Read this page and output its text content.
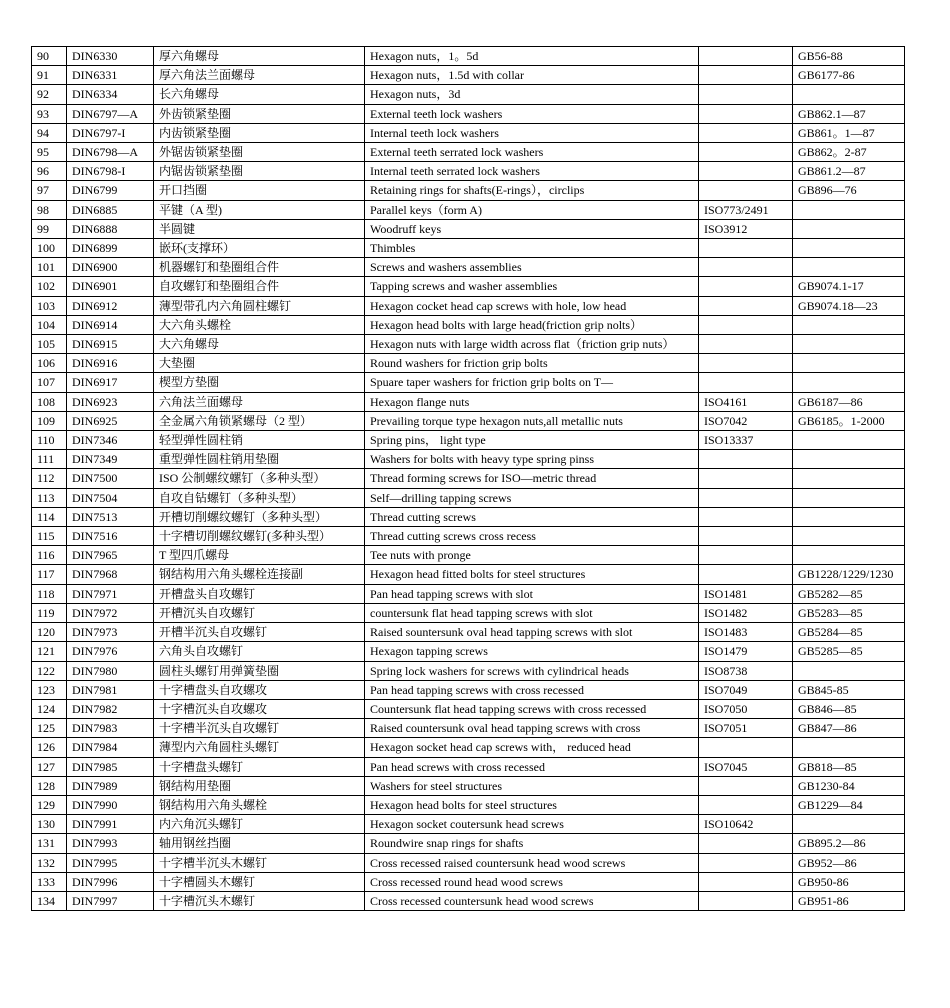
90	DIN6330	厚六角螺母	Hexagon nuts，1。5d		GB56-88
91	DIN6331	厚六角法兰面螺母	Hexagon nuts，1.5d with collar		GB6177-86
92	DIN6334	长六角螺母	Hexagon nuts，3d		
93	DIN6797—A	外齿锁紧垫圈	External teeth lock washers		GB862.1—87
94	DIN6797-I	内齿锁紧垫圈	Internal teeth lock washers		GB861。1—87
95	DIN6798—A	外锯齿锁紧垫圈	External teeth serrated lock washers		GB862。2-87
96	DIN6798-I	内锯齿锁紧垫圈	Internal teeth serrated lock washers		GB861.2—87
97	DIN6799	开口挡圈	Retaining rings for shafts(E-rings），circlips		GB896—76
98	DIN6885	平键（A 型)	Parallel keys（form A)	ISO773/2491	
99	DIN6888	半圆键	Woodruff keys	ISO3912	
100	DIN6899	嵌环(支撑环）	Thimbles		
101	DIN6900	机器螺钉和垫圈组合件	Screws and washers assemblies		
102	DIN6901	自攻螺钉和垫圈组合件	Tapping screws and washer assemblies		GB9074.1-17
103	DIN6912	薄型带孔内六角圆柱螺钉	Hexagon cocket head cap screws with hole, low head		GB9074.18—23
104	DIN6914	大六角头螺栓	Hexagon head bolts with large head(friction grip nolts）		
105	DIN6915	大六角螺母	Hexagon nuts with large width across flat（friction grip nuts）		
106	DIN6916	大垫圈	Round washers for friction grip bolts		
107	DIN6917	楔型方垫圈	Spuare taper washers for friction grip bolts on T—		
108	DIN6923	六角法兰面螺母	Hexagon flange nuts	ISO4161	GB6187—86
109	DIN6925	全金属六角锁紧螺母（2 型）	Prevailing torque type hexagon nuts,all metallic nuts	ISO7042	GB6185。1-2000
110	DIN7346	轻型弹性圆柱销	Spring pins， light type	ISO13337	
111	DIN7349	重型弹性圆柱销用垫圈	Washers for bolts with heavy type spring pinss		
112	DIN7500	ISO 公制螺纹螺钉（多种头型）	Thread forming screws for ISO—metric thread		
113	DIN7504	自攻自钻螺钉（多种头型）	Self—drilling tapping screws		
114	DIN7513	开槽切削螺纹螺钉（多种头型）	Thread cutting screws		
115	DIN7516	十字槽切削螺纹螺钉(多种头型）	Thread cutting screws cross recess		
116	DIN7965	T 型四爪螺母	Tee nuts with pronge		
117	DIN7968	钢结构用六角头螺栓连接副	Hexagon head fitted bolts for steel structures		GB1228/1229/1230
118	DIN7971	开槽盘头自攻螺钉	Pan head tapping screws with slot	ISO1481	GB5282—85
119	DIN7972	开槽沉头自攻螺钉	countersunk flat head tapping screws with slot	ISO1482	GB5283—85
120	DIN7973	开槽半沉头自攻螺钉	Raised sountersunk oval head tapping screws with slot	ISO1483	GB5284—85
121	DIN7976	六角头自攻螺钉	Hexagon tapping screws	ISO1479	GB5285—85
122	DIN7980	圆柱头螺钉用弹簧垫圈	Spring lock washers for screws with cylindrical heads	ISO8738	
123	DIN7981	十字槽盘头自攻螺攻	Pan head tapping screws with cross recessed	ISO7049	GB845-85
124	DIN7982	十字槽沉头自攻螺攻	Countersunk flat head tapping screws with cross recessed	ISO7050	GB846—85
125	DIN7983	十字槽半沉头自攻螺钉	Raised countersunk oval head tapping screws with cross	ISO7051	GB847—86
126	DIN7984	薄型内六角圆柱头螺钉	Hexagon socket head cap screws with， reduced head		
127	DIN7985	十字槽盘头螺钉	Pan head screws with cross recessed	ISO7045	GB818—85
128	DIN7989	钢结构用垫圈	Washers for steel structures		GB1230-84
129	DIN7990	钢结构用六角头螺栓	Hexagon head bolts for steel structures		GB1229—84
130	DIN7991	内六角沉头螺钉	Hexagon socket coutersunk head screws	ISO10642	
131	DIN7993	轴用钢丝挡圈	Roundwire snap rings for shafts		GB895.2—86
132	DIN7995	十字槽半沉头木螺钉	Cross recessed raised countersunk head wood screws		GB952—86
133	DIN7996	十字槽圆头木螺钉	Cross recessed round head wood screws		GB950-86
134	DIN7997	十字槽沉头木螺钉	Cross recessed countersunk head wood screws		GB951-86
